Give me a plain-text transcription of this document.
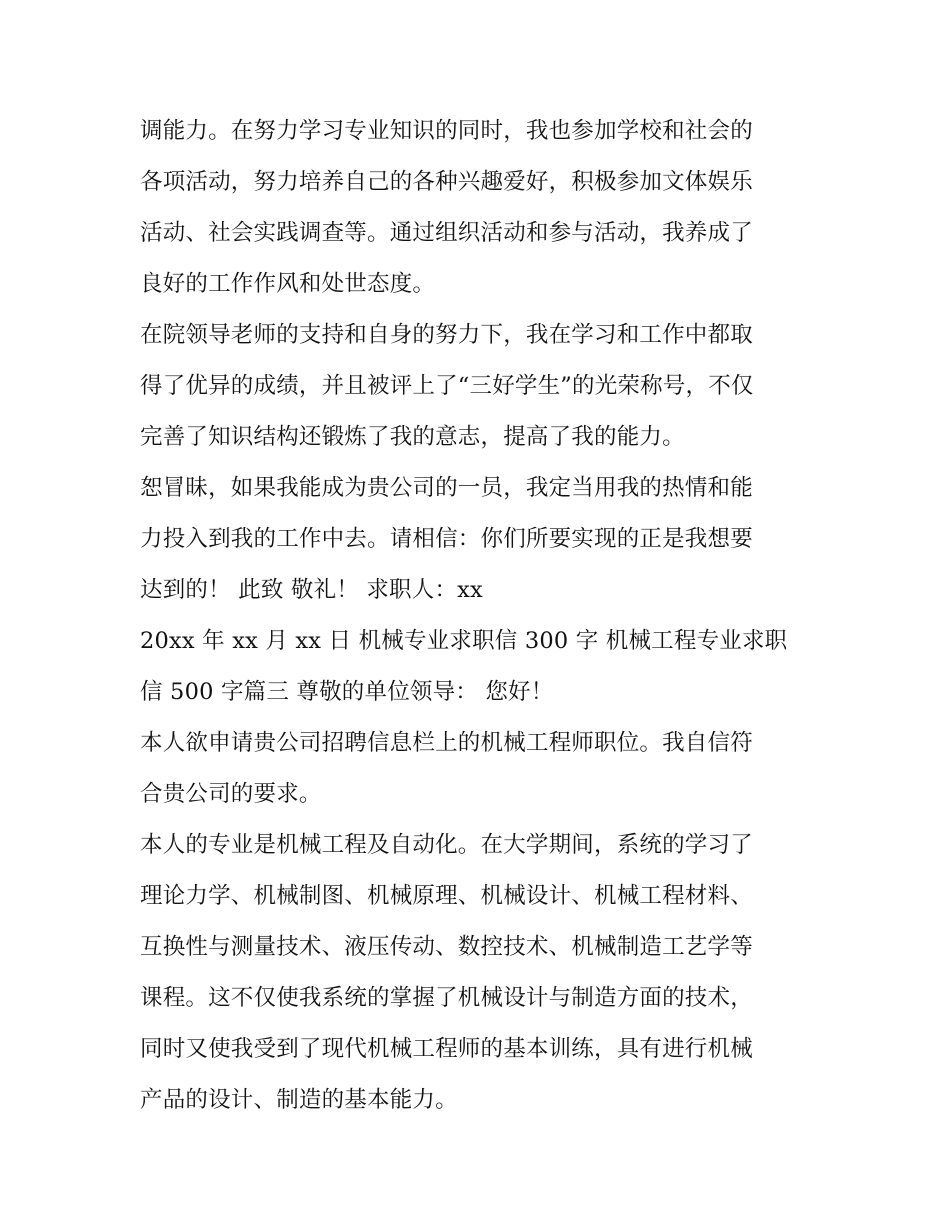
调能力。在努力学习专业知识的同时，我也参加学校和社会的
各项活动，努力培养自己的各种兴趣爱好，积极参加文体娱乐
活动、社会实践调查等。通过组织活动和参与活动，我养成了
良好的工作作风和处世态度。
在院领导老师的支持和自身的努力下，我在学习和工作中都取
得了优异的成绩，并且被评上了“三好学生”的光荣称号，不仅
完善了知识结构还锻炼了我的意志，提高了我的能力。
恕冒昧，如果我能成为贵公司的一员，我定当用我的热情和能
力投入到我的工作中去。请相信：你们所要实现的正是我想要
达到的！ 此致 敬礼！ 求职人：xx
20xx 年 xx 月 xx 日 机械专业求职信 300 字 机械工程专业求职
信 500 字篇三 尊敬的单位领导： 您好！
本人欲申请贵公司招聘信息栏上的机械工程师职位。我自信符
合贵公司的要求。
本人的专业是机械工程及自动化。在大学期间，系统的学习了
理论力学、机械制图、机械原理、机械设计、机械工程材料、
互换性与测量技术、液压传动、数控技术、机械制造工艺学等
课程。这不仅使我系统的掌握了机械设计与制造方面的技术，
同时又使我受到了现代机械工程师的基本训练，具有进行机械
产品的设计、制造的基本能力。
